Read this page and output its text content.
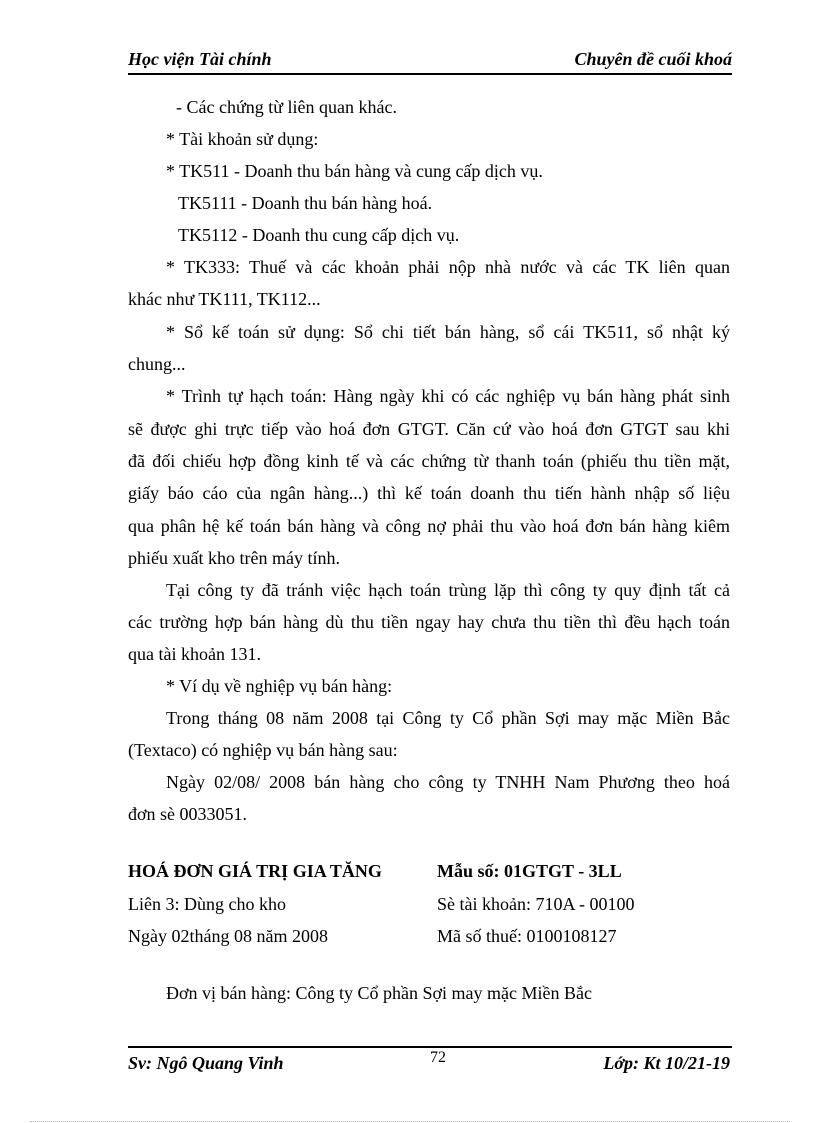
Học viện Tài chính	Chuyên đề cuối khoá
- Các chứng từ liên quan khác.
* Tài khoản sử dụng:
* TK511 - Doanh thu bán hàng và cung cấp dịch vụ.
TK5111 - Doanh thu bán hàng hoá.
TK5112 - Doanh thu cung cấp dịch vụ.
* TK333: Thuế và các khoản phải nộp nhà nước và các TK liên quan
khác như TK111, TK112...
* Sổ kế toán sử dụng: Sổ chi tiết bán hàng, sổ cái TK511, sổ nhật ký
chung...
* Trình tự hạch toán: Hàng ngày khi có các nghiệp vụ bán hàng phát sinh
sẽ được ghi trực tiếp vào hoá đơn GTGT. Căn cứ vào hoá đơn GTGT sau khi
đã đối chiếu hợp đồng kinh tế và các chứng từ thanh toán (phiếu thu tiền mặt,
giấy báo cáo của ngân hàng...) thì kế toán doanh thu tiến hành nhập số liệu
qua phân hệ kế toán bán hàng và công nợ phải thu vào hoá đơn bán hàng kiêm
phiếu xuất kho trên máy tính.
Tại công ty đã tránh việc hạch toán trùng lặp thì công ty quy định tất cả
các trường hợp bán hàng dù thu tiền ngay hay chưa thu tiền thì đều hạch toán
qua tài khoản 131.
* Ví dụ về nghiệp vụ bán hàng:
Trong tháng 08 năm 2008 tại Công ty Cổ phần Sợi may mặc Miền Bắc
(Textaco) có nghiệp vụ bán hàng sau:
Ngày 02/08/ 2008 bán hàng cho công ty TNHH Nam Phương theo hoá
đơn sè 0033051.
HOÁ ĐƠN GIÁ TRỊ GIA TĂNG	Mẫu số: 01GTGT - 3LL
Liên 3: Dùng cho kho	Sè tài khoản: 710A - 00100
Ngày 02tháng 08 năm 2008	Mã số thuế: 0100108127
Đơn vị bán hàng: Công ty Cổ phần Sợi may mặc Miền Bắc
72
Sv: Ngô Quang Vinh	Lớp: Kt 10/21-19
